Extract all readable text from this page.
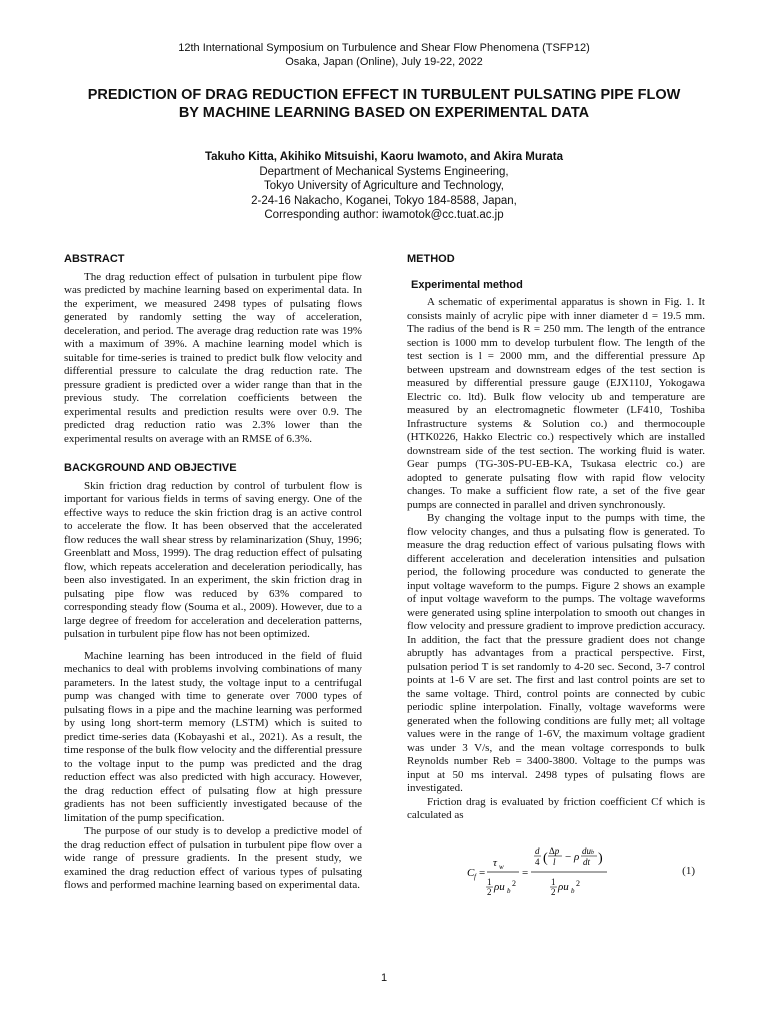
12th International Symposium on Turbulence and Shear Flow Phenomena (TSFP12)
Osaka, Japan (Online), July 19-22, 2022
PREDICTION OF DRAG REDUCTION EFFECT IN TURBULENT PULSATING PIPE FLOW
BY MACHINE LEARNING BASED ON EXPERIMENTAL DATA
Takuho Kitta, Akihiko Mitsuishi, Kaoru Iwamoto, and Akira Murata
Department of Mechanical Systems Engineering,
Tokyo University of Agriculture and Technology,
2-24-16 Nakacho, Koganei, Tokyo 184-8588, Japan,
Corresponding author: iwamotok@cc.tuat.ac.jp
ABSTRACT

The drag reduction effect of pulsation in turbulent pipe flow was predicted by machine learning based on experimental data. In the experiment, we measured 2498 types of pulsating flows generated by randomly setting the way of acceleration, deceleration, and period. The average drag reduction rate was 19% with a maximum of 39%. A machine learning model which is suitable for time-series is trained to predict bulk flow velocity and differential pressure to calculate the drag reduction rate. The pressure gradient is predicted over a wider range than that in the previous study. The correlation coefficients between the experimental results and prediction results were over 0.9. The predicted drag reduction ratio was 2.3% lower than the experimental results on average with an RMSE of 6.3%.

BACKGROUND AND OBJECTIVE

Skin friction drag reduction by control of turbulent flow is important for various fields in terms of saving energy. One of the effective ways to reduce the skin friction drag is an active control to accelerate the flow. It has been observed that the accelerated flow reduces the wall shear stress by relaminarization (Shuy, 1996; Greenblatt and Moss, 1999). The drag reduction effect of pulsating flow, which repeats acceleration and deceleration periodically, has been also investigated. In an experiment, the skin friction drag in pulsating pipe flow was reduced by 63% compared to corresponding steady flow (Souma et al., 2009). However, due to a large degree of freedom for acceleration and deceleration patterns, pulsation in turbulent pipe flow has not been optimized.

Machine learning has been introduced in the field of fluid mechanics to deal with problems involving combinations of many parameters. In the latest study, the voltage input to a centrifugal pump was changed with time to generate over 7000 types of pulsating flows in a pipe and the machine learning was performed by using long short-term memory (LSTM) which is suited to predict time-series data (Kobayashi et al., 2021). As a result, the time response of the bulk flow velocity and the differential pressure to the voltage input to the pump was predicted and the drag reduction effect was also predicted with high accuracy. However, the drag reduction effect of pulsating flow at high pressure gradients has not been sufficiently investigated because of the limitation of the pump specification.

The purpose of our study is to develop a predictive model of the drag reduction effect of pulsation in turbulent pipe flow over a wide range of pressure gradients. In the present study, we examined the drag reduction effect of various types of pulsating flows and performed machine learning based on experimental data.

METHOD
Experimental method

A schematic of experimental apparatus is shown in Fig. 1. It consists mainly of acrylic pipe with inner diameter d = 19.5 mm. The radius of the bend is R = 250 mm. The length of the entrance section is 1000 mm to develop turbulent flow. The length of the test section is l = 2000 mm, and the differential pressure Δp between upstream and downstream edges of the test section is measured by differential pressure gauge (EJX110J, Yokogawa Electric co. ltd). Bulk flow velocity ub and temperature are measured by an electromagnetic flowmeter (LF410, Toshiba Infrastructure systems & Solution co.) and thermocouple (HTK0226, Hakko Electric co.) respectively which are installed downstream side of the test section. The working fluid is water. Gear pumps (TG-30S-PU-EB-KA, Tsukasa electric co.) are adopted to generate pulsating flow with rapid flow velocity changes. To make a sufficient flow rate, a set of the five gear pumps are connected in parallel and driven synchronously.

By changing the voltage input to the pumps with time, the flow velocity changes, and thus a pulsating flow is generated. To measure the drag reduction effect of various pulsating flows with different acceleration and deceleration intensities and pulsation period, the following procedure was conducted to generate the input voltage waveform to the pumps. Figure 2 shows an example of input voltage waveform to the pumps. The voltage waveforms were generated using spline interpolation to smooth out changes in flow velocity and pressure gradient to improve prediction accuracy. In addition, the fact that the pressure gradient does not change abruptly has advantages from a practical perspective. First, pulsation period T is set randomly to 4-20 sec. Second, 3-7 control points at 1-6 V are set. The first and last control points are set to the same voltage. Third, control points are connected by cubic periodic spline interpolation. Finally, voltage waveforms were generated when the following conditions are fully met; all voltage values were in the range of 1-6V, the maximum voltage gradient was under 3 V/s, and the mean voltage corresponds to bulk Reynolds number Reb = 3400-3800. Voltage to the pumps was input at 50 ms interval. 2498 types of pulsating flows are investigated.

Friction drag is evaluated by friction coefficient Cf which is calculated as

C f =
τ w
1
2 ρu b
2
=
d
4 ( Δp
l − ρ dub
dt )
1
2 ρu b
2
(1)
1
